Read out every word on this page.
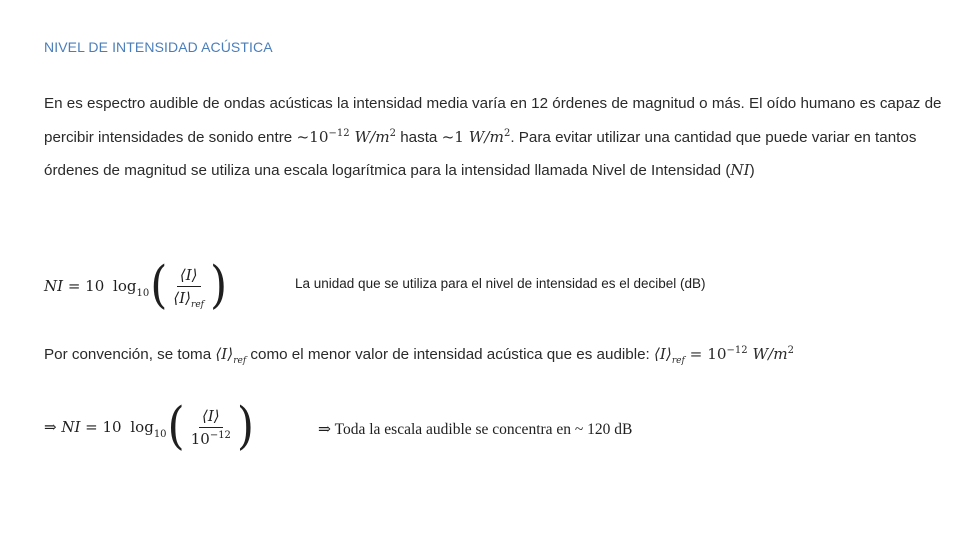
NIVEL DE INTENSIDAD ACÚSTICA
En es espectro audible de ondas acústicas la intensidad media varía en 12 órdenes de magnitud o más. El oído humano es capaz de percibir intensidades de sonido entre $\sim 10^{-12}$ $W/m^2$ hasta ~1 $W/m^2$. Para evitar utilizar una cantidad que puede variar en tantos órdenes de magnitud se utiliza una escala logarítmica para la intensidad llamada Nivel de Intensidad (NI)
NI = 10 $\log_{10}$ ( $\frac{⟨I⟩}{⟨I⟩_{ref}}$ )	La unidad que se utiliza para el nivel de intensidad es el decibel (dB)
Por convención, se toma $⟨I⟩_{ref}$ como el menor valor de intensidad acústica que es audible: $⟨I⟩_{ref} = 10^{-12}$ $W/m^2$
⇒ NI = 10 $\log_{10}$ ( $\frac{⟨I⟩}{10^{-12}}$ )	⇒ Toda la escala audible se concentra en ~ 120 dB
